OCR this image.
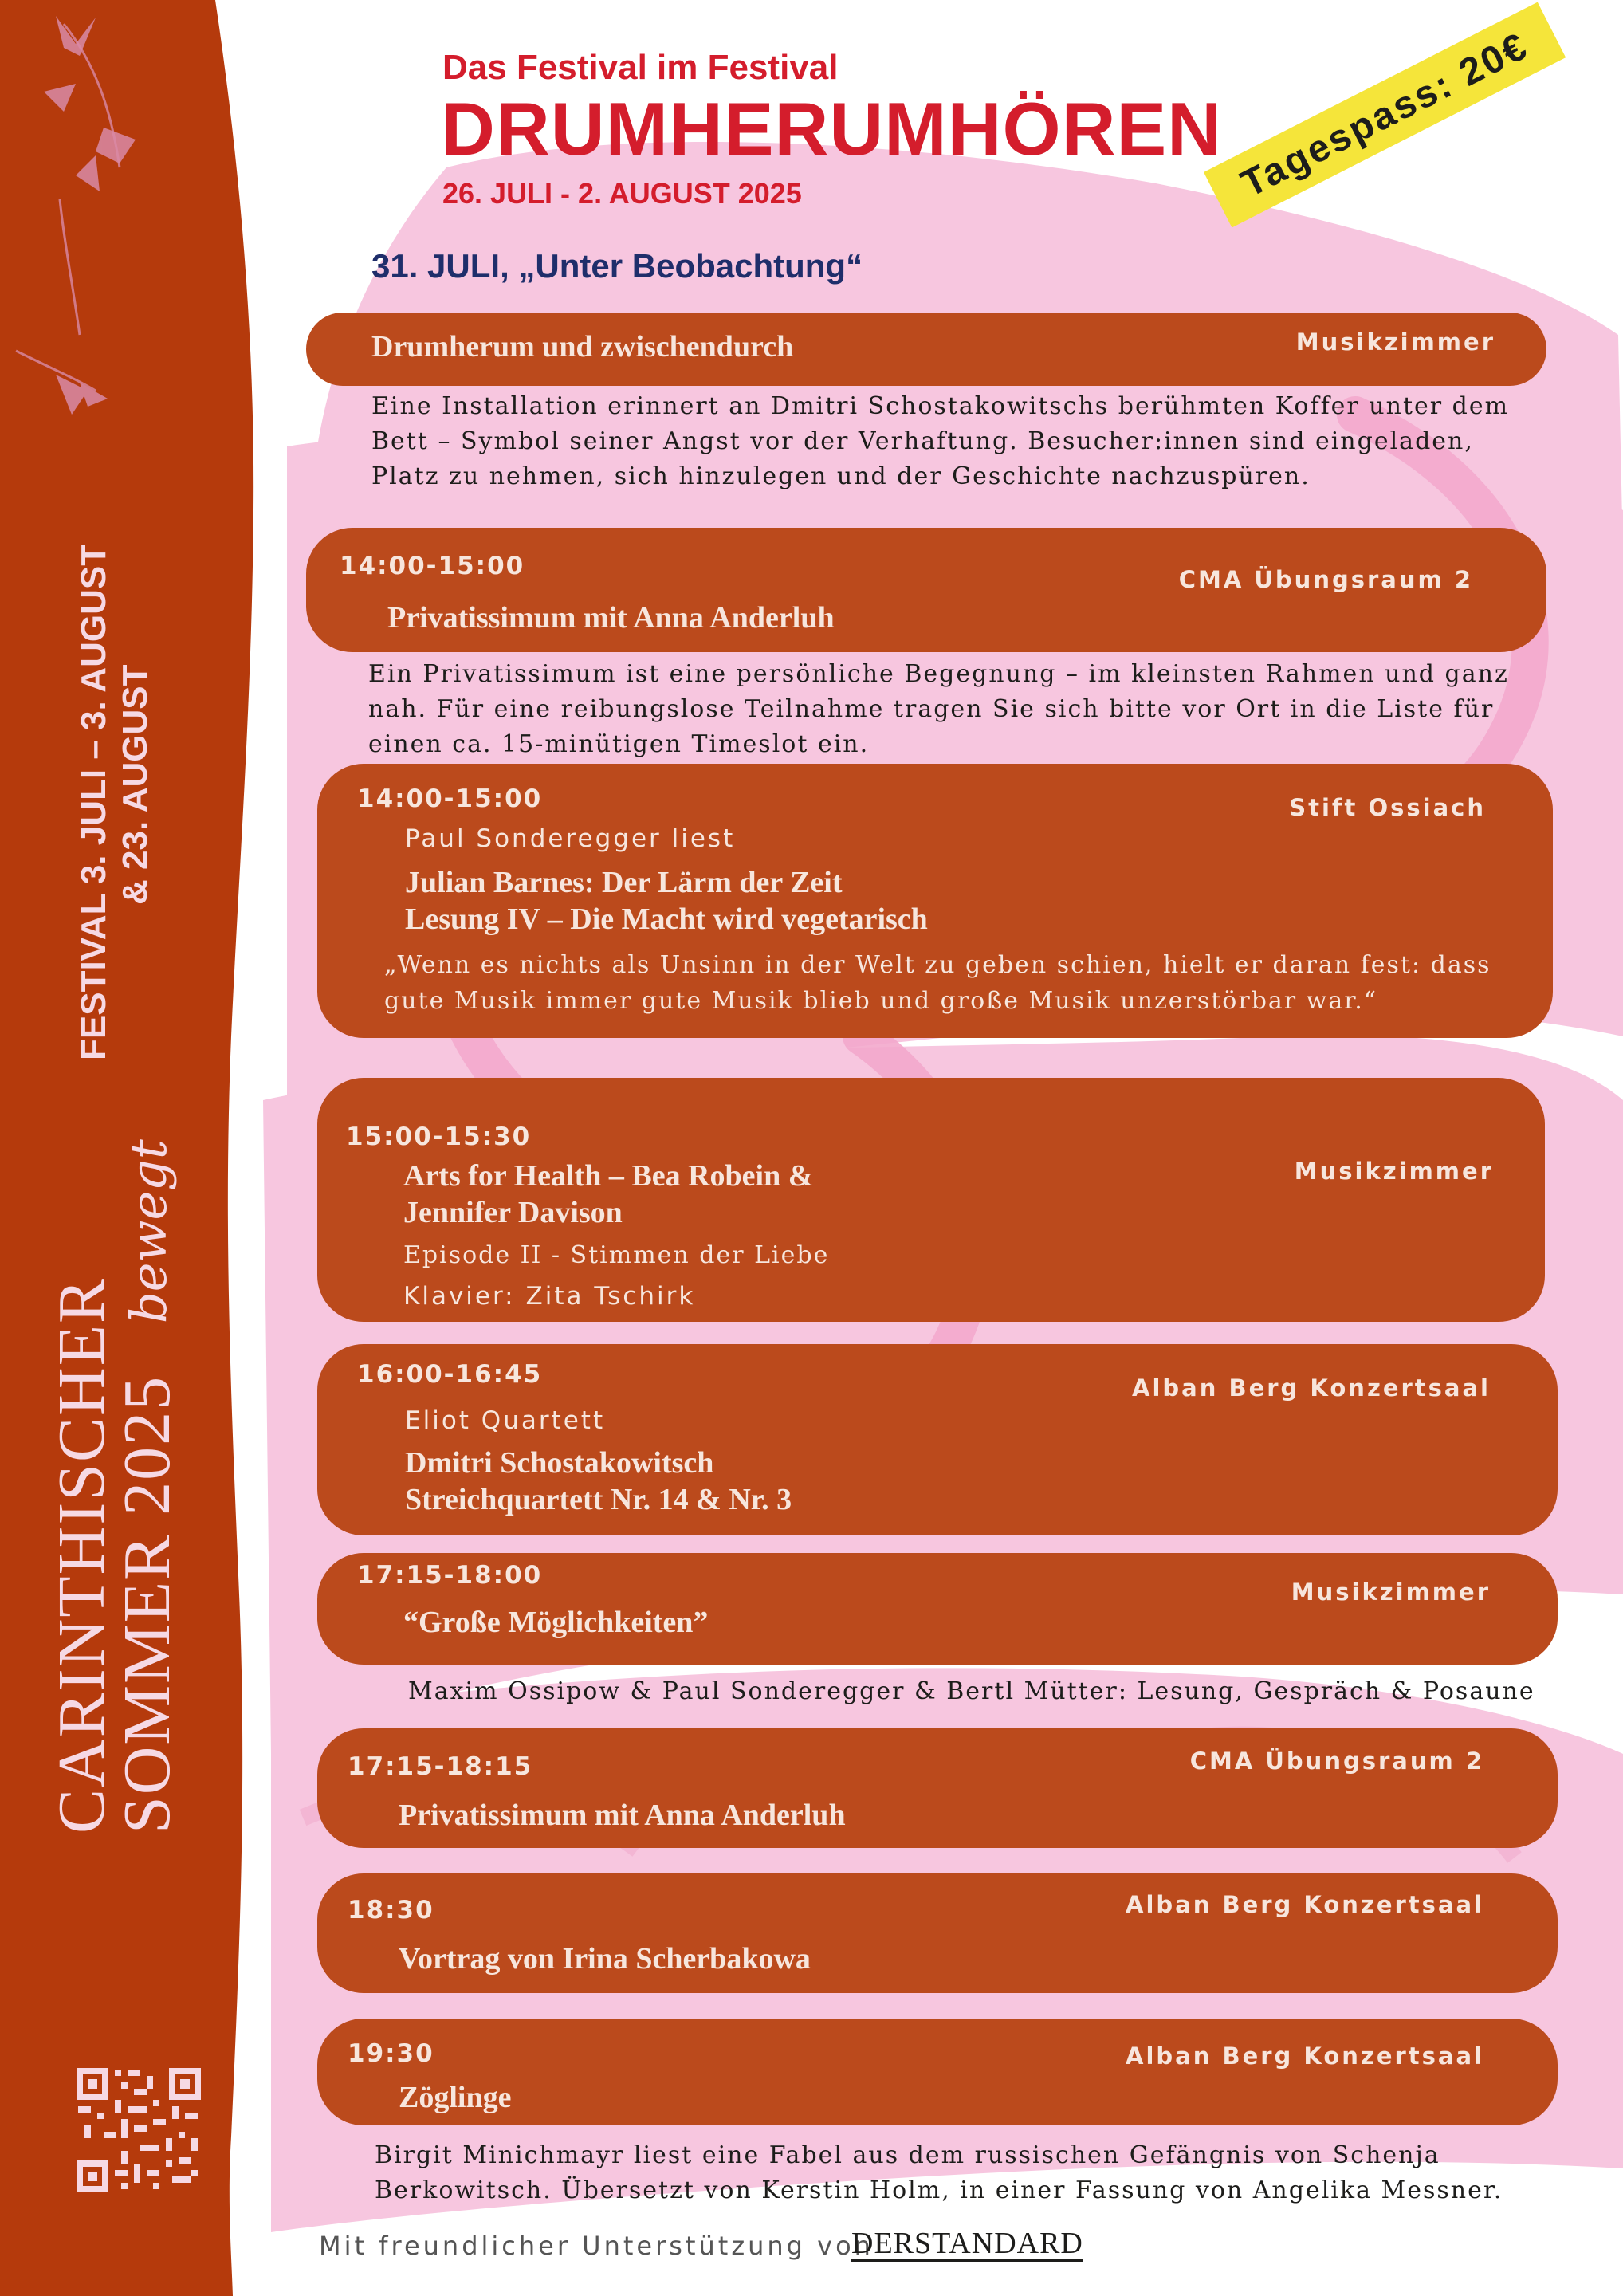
FESTIVAL 3. JULI – 3. AUGUST & 23. AUGUST
CARINTHISCHER
SOMMER 2025
bewegt
Das Festival im Festival
DRUMHERUMHÖREN
26. JULI - 2. AUGUST 2025
31. JULI, „Unter Beobachtung“
Tagespass: 20€
Drumherum und zwischendurch	Musikzimmer
Eine Installation erinnert an Dmitri Schostakowitschs berühmten Koffer unter dem
Bett – Symbol seiner Angst vor der Verhaftung. Besucher:innen sind eingeladen,
Platz zu nehmen, sich hinzulegen und der Geschichte nachzuspüren.
14:00-15:00	CMA Übungsraum 2
Privatissimum mit Anna Anderluh
Ein Privatissimum ist eine persönliche Begegnung – im kleinsten Rahmen und ganz
nah. Für eine reibungslose Teilnahme tragen Sie sich bitte vor Ort in die Liste für
einen ca. 15-minütigen Timeslot ein.
14:00-15:00	Stift Ossiach
Paul Sonderegger liest
Julian Barnes: Der Lärm der Zeit
Lesung IV – Die Macht wird vegetarisch
„Wenn es nichts als Unsinn in der Welt zu geben schien, hielt er daran fest: dass
gute Musik immer gute Musik blieb und große Musik unzerstörbar war.“
15:00-15:30
Musikzimmer
Arts for Health – Bea Robein &
Jennifer Davison
Episode II - Stimmen der Liebe
Klavier: Zita Tschirk
16:00-16:45	Alban Berg Konzertsaal
Eliot Quartett
Dmitri Schostakowitsch
Streichquartett Nr. 14 & Nr. 3
17:15-18:00
Musikzimmer
“Große Möglichkeiten”
Maxim Ossipow & Paul Sonderegger & Bertl Mütter: Lesung, Gespräch & Posaune
17:15-18:15	CMA Übungsraum 2
Privatissimum mit Anna Anderluh
18:30	Alban Berg Konzertsaal
Vortrag von Irina Scherbakowa
19:30	Alban Berg Konzertsaal
Zöglinge
Birgit Minichmayr liest eine Fabel aus dem russischen Gefängnis von Schenja
Berkowitsch. Übersetzt von Kerstin Holm, in einer Fassung von Angelika Messner.
Mit freundlicher Unterstützung von
DERSTANDARD
